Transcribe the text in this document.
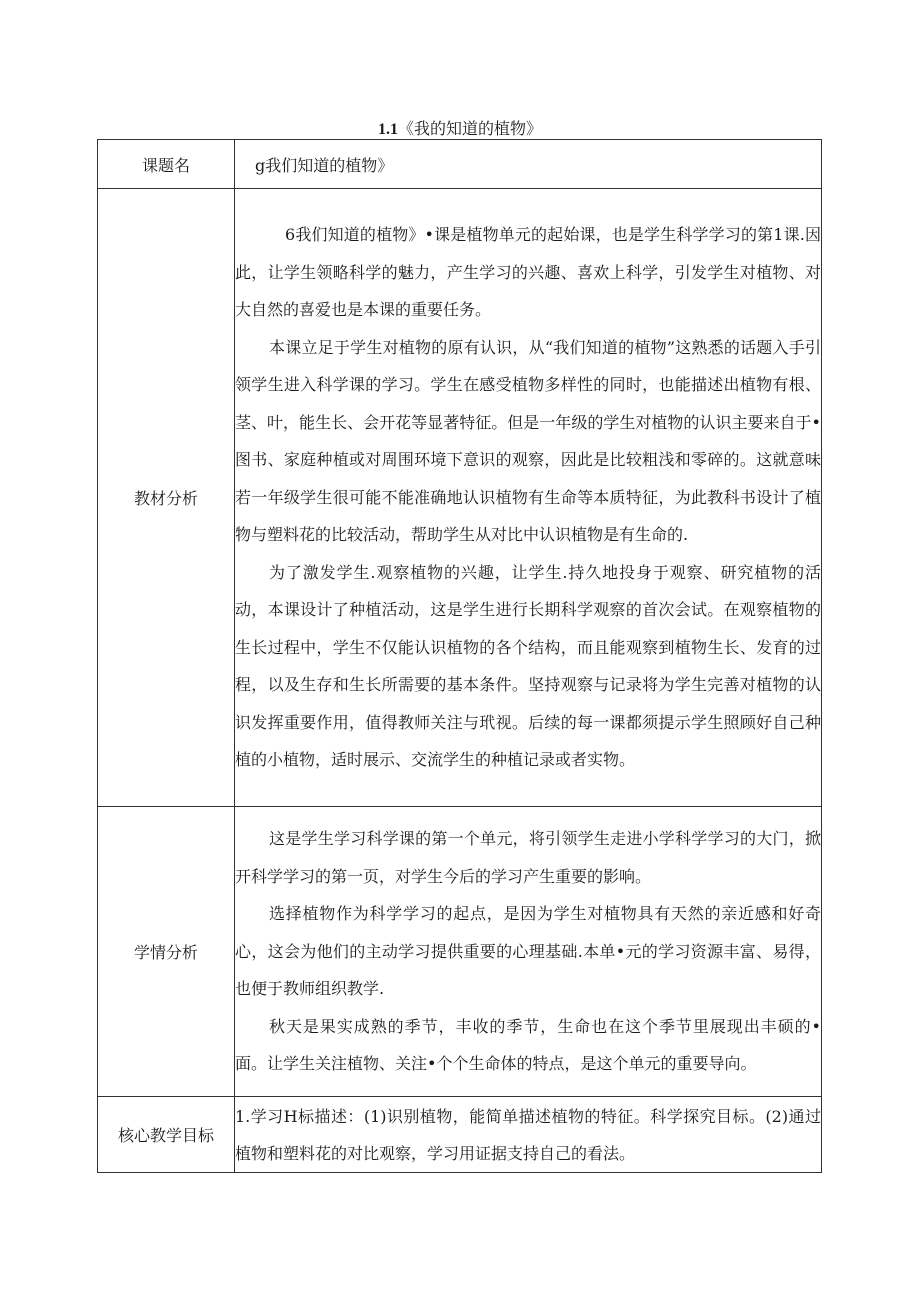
1.1《我的知道的植物》
课题名	g我们知道的植物》
教材分析	6我们知道的植物》•课是植物单元的起始课，也是学生科学学习的第1课.因此，让学生领略科学的魅力，产生学习的兴趣、喜欢上科学，引发学生对植物、对大自然的喜爱也是本课的重要任务。

本课立足于学生对植物的原有认识，从“我们知道的植物”这熟悉的话题入手引领学生进入科学课的学习。学生在感受植物多样性的同时，也能描述出植物有根、茎、叶，能生长、会开花等显著特征。但是一年级的学生对植物的认识主要来自于•图书、家庭种植或对周围环境下意识的观察，因此是比较粗浅和零碎的。这就意味若一年级学生很可能不能准确地认识植物有生命等本质特征，为此教科书设计了植物与塑料花的比较活动，帮助学生从对比中认识植物是有生命的.

为了激发学生.观察植物的兴趣，让学生.持久地投身于观察、研究植物的活动，本课设计了种植活动，这是学生进行长期科学观察的首次会试。在观察植物的生长过程中，学生不仅能认识植物的各个结构，而且能观察到植物生长、发育的过程，以及生存和生长所需要的基本条件。坚持观察与记录将为学生完善对植物的认识发挥重要作用，值得教师关注与玳视。后续的每一课都须提示学生照顾好自己种植的小植物，适时展示、交流学生的种植记录或者实物。

学情分析	这是学生学习科学课的第一个单元，将引领学生走进小学科学学习的大门，掀开科学学习的第一页，对学生今后的学习产生重要的影响。

选择植物作为科学学习的起点，是因为学生对植物具有天然的亲近感和好奇心，这会为他们的主动学习提供重要的心理基础.本单•元的学习资源丰富、易得，也便于教师组织教学.

秋天是果实成熟的季节，丰收的季节，生命也在这个季节里展现出丰硕的•面。让学生关注植物、关注•个个生命体的特点，是这个单元的重要导向。

核心教学目标	1.学习H标描述：(1)识别植物，能简单描述植物的特征。科学探究目标。(2)通过植物和塑料花的对比观察，学习用证据支持自己的看法。
